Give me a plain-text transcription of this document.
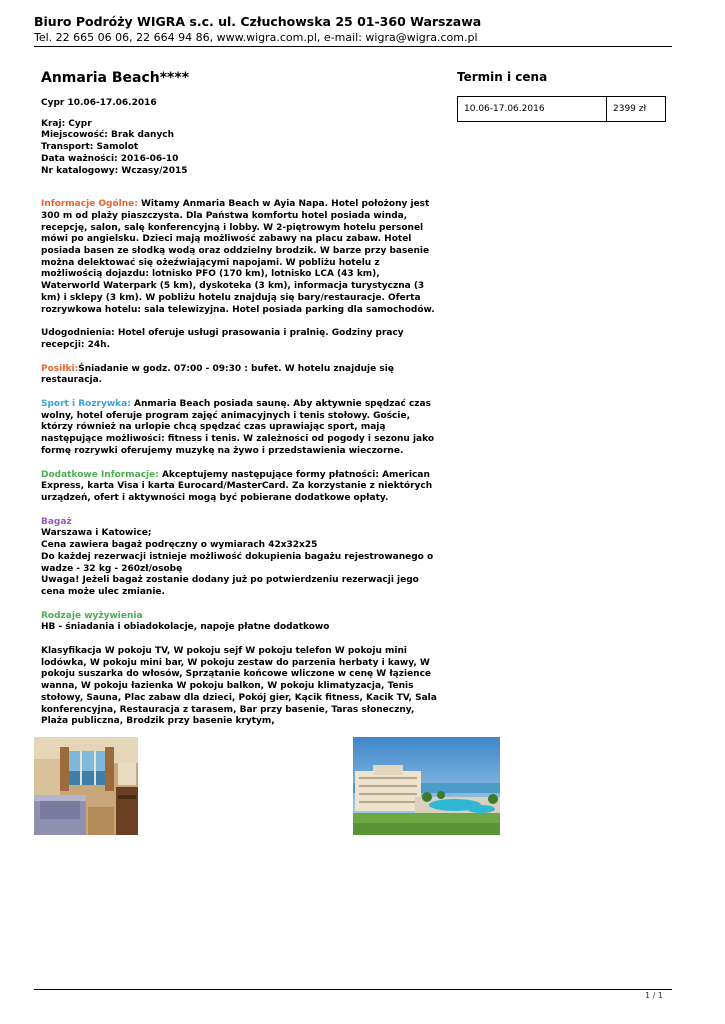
Biuro Podróży WIGRA s.c. ul. Człuchowska 25 01-360 Warszawa
Tel. 22 665 06 06, 22 664 94 86, www.wigra.com.pl, e-mail: wigra@wigra.com.pl
Anmaria Beach****
Cypr 10.06-17.06.2016
Kraj: Cypr
Miejscowość: Brak danych
Transport: Samolot
Data ważności: 2016-06-10
Nr katalogowy: Wczasy/2015

Informacje Ogólne: Witamy Anmaria Beach w Ayia Napa. Hotel położony jest 300 m od plaży piaszczysta. Dla Państwa komfortu hotel posiada winda, recepcję, salon, salę konferencyjną i lobby. W 2-piętrowym hotelu personel mówi po angielsku. Dzieci mają możliwość zabawy na placu zabaw. Hotel posiada basen ze słodką wodą oraz oddzielny brodzik. W barze przy basenie można delektować się ożeźwiającymi napojami. W pobliżu hotelu z możliwością dojazdu: lotnisko PFO (170 km), lotnisko LCA (43 km), Waterworld Waterpark (5 km), dyskoteka (3 km), informacja turystyczna (3 km) i sklepy (3 km). W pobliżu hotelu znajdują się bary/restauracje. Oferta rozrywkowa hotelu: sala telewizyjna. Hotel posiada parking dla samochodów.

Udogodnienia: Hotel oferuje usługi prasowania i pralnię. Godziny pracy recepcji: 24h.

Posiłki:Śniadanie w godz. 07:00 - 09:30 : bufet. W hotelu znajduje się restauracja.

Sport i Rozrywka: Anmaria Beach posiada saunę. Aby aktywnie spędzać czas wolny, hotel oferuje program zajęć animacyjnych i tenis stołowy. Goście, którzy również na urlopie chcą spędzać czas uprawiając sport, mają następujące możliwości: fitness i tenis. W zależności od pogody i sezonu jako formę rozrywki oferujemy muzykę na żywo i przedstawienia wieczorne.

Dodatkowe Informacje: Akceptujemy następujące formy płatności: American Express, karta Visa i karta Eurocard/MasterCard. Za korzystanie z niektórych urządzeń, ofert i aktywności mogą być pobierane dodatkowe opłaty.

Bagaż
Warszawa i Katowice;
Cena zawiera bagaż podręczny o wymiarach 42x32x25
Do każdej rezerwacji istnieje możliwość dokupienia bagażu rejestrowanego o wadze - 32 kg - 260zł/osobę
Uwaga! Jeżeli bagaż zostanie dodany już po potwierdzeniu rezerwacji jego cena może ulec zmianie.
Rodzaje wyżywienia
HB - śniadania i obiadokolacje, napoje płatne dodatkowo

Klasyfikacja W pokoju TV, W pokoju sejf W pokoju telefon W pokoju mini lodówka, W pokoju mini bar, W pokoju zestaw do parzenia herbaty i kawy, W pokoju suszarka do włosów, Sprzątanie końcowe wliczone w cenę W łązience wanna, W pokoju łazienka W pokoju balkon, W pokoju klimatyzacja, Tenis stołowy, Sauna, Plac zabaw dla dzieci, Pokój gier, Kącik fitness, Kacik TV, Sala konferencyjna, Restauracja z tarasem, Bar przy basenie, Taras słoneczny, Plaża publiczna, Brodzik przy basenie krytym,

Termin i cena
10.06-17.06.2016	2399 zł
1 / 1
